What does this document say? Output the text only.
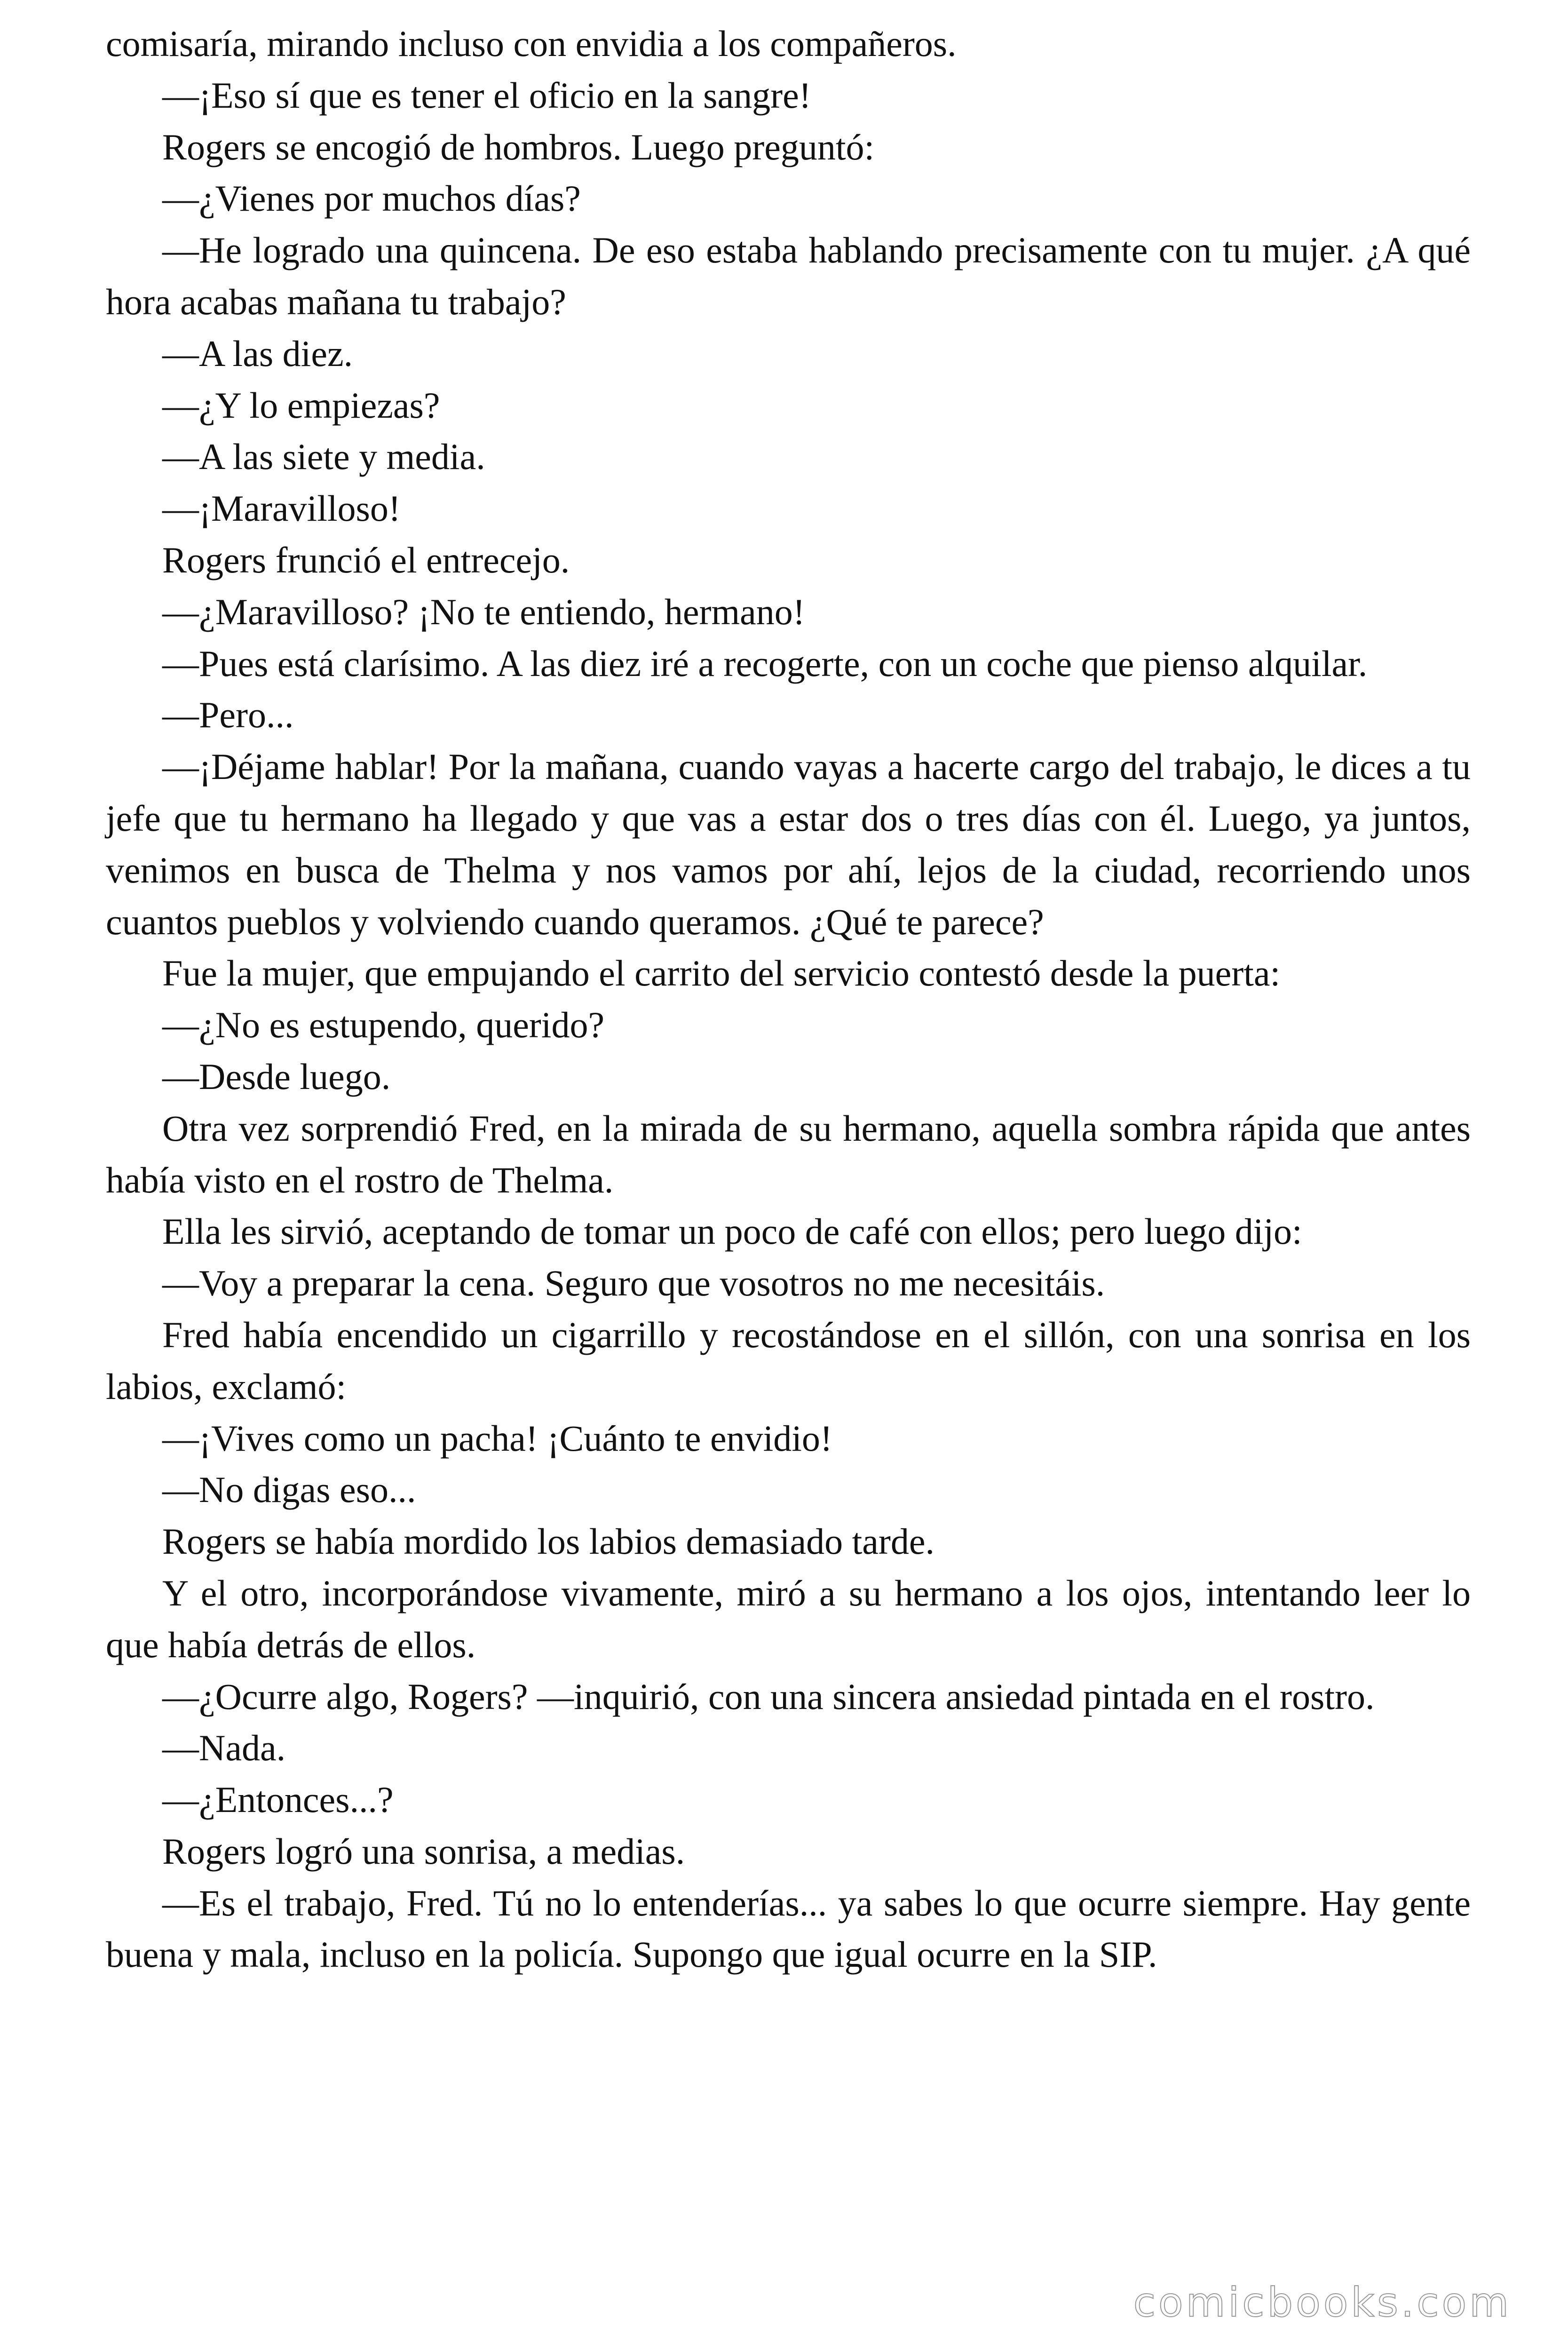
comisaría, mirando incluso con envidia a los compañeros.

—¡Eso sí que es tener el oficio en la sangre!

Rogers se encogió de hombros. Luego preguntó:

—¿Vienes por muchos días?

—He logrado una quincena. De eso estaba hablando precisamente con tu mujer. ¿A qué hora acabas mañana tu trabajo?

—A las diez.

—¿Y lo empiezas?

—A las siete y media.

—¡Maravilloso!

Rogers frunció el entrecejo.

—¿Maravilloso? ¡No te entiendo, hermano!

—Pues está clarísimo. A las diez iré a recogerte, con un coche que pienso alquilar.

—Pero...

—¡Déjame hablar! Por la mañana, cuando vayas a hacerte cargo del trabajo, le dices a tu jefe que tu hermano ha llegado y que vas a estar dos o tres días con él. Luego, ya juntos, venimos en busca de Thelma y nos vamos por ahí, lejos de la ciudad, recorriendo unos cuantos pueblos y volviendo cuando queramos. ¿Qué te parece?

Fue la mujer, que empujando el carrito del servicio contestó desde la puerta:

—¿No es estupendo, querido?

—Desde luego.

Otra vez sorprendió Fred, en la mirada de su hermano, aquella sombra rápida que antes había visto en el rostro de Thelma.

Ella les sirvió, aceptando de tomar un poco de café con ellos; pero luego dijo:

—Voy a preparar la cena. Seguro que vosotros no me necesitáis.

Fred había encendido un cigarrillo y recostándose en el sillón, con una sonrisa en los labios, exclamó:

—¡Vives como un pacha! ¡Cuánto te envidio!

—No digas eso...

Rogers se había mordido los labios demasiado tarde.

Y el otro, incorporándose vivamente, miró a su hermano a los ojos, intentando leer lo que había detrás de ellos.

—¿Ocurre algo, Rogers? —inquirió, con una sincera ansiedad pintada en el rostro.

—Nada.

—¿Entonces...?

Rogers logró una sonrisa, a medias.

—Es el trabajo, Fred. Tú no lo entenderías... ya sabes lo que ocurre siempre. Hay gente buena y mala, incluso en la policía. Supongo que igual ocurre en la SIP.

comicbooks.com
